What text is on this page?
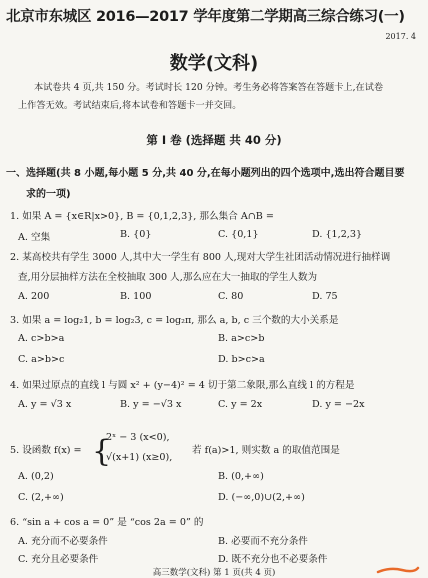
北京市东城区 2016—2017 学年度第二学期高三综合练习(一)
2017. 4
数学(文科)
本试卷共 4 页,共 150 分。考试时长 120 分钟。考生务必将答案答在答题卡上,在试卷
上作答无效。考试结束后,将本试卷和答题卡一并交回。
第 I 卷 (选择题 共 40 分)
一、选择题(共 8 小题,每小题 5 分,共 40 分,在每小题列出的四个选项中,选出符合题目要
求的一项)
1. 如果 A = {x∈R|x>0}, B = {0,1,2,3}, 那么集合 A∩B =
A. 空集	B. {0}	C. {0,1}	D. {1,2,3}
2. 某高校共有学生 3000 人,其中大一学生有 800 人,现对大学生社团活动情况进行抽样调
查,用分层抽样方法在全校抽取 300 人,那么应在大一抽取的学生人数为
A. 200	B. 100	C. 80	D. 75
3. 如果 a = log₂1, b = log₂3, c = log₂π, 那么 a, b, c 三个数的大小关系是
A. c>b>a	B. a>c>b
C. a>b>c	D. b>c>a
4. 如果过原点的直线 l 与圆 x² + (y−4)² = 4 切于第二象限,那么直线 l 的方程是
A. y = √3 x	B. y = −√3 x	C. y = 2x	D. y = −2x
5. 设函数 f(x) = {
2ˣ − 3 (x<0),
√(x+1) (x≥0),
若 f(a)>1, 则实数 a 的取值范围是
A. (0,2)	B. (0,+∞)
C. (2,+∞)	D. (−∞,0)∪(2,+∞)
6. “sin a + cos a = 0” 是 “cos 2a = 0” 的
A. 充分而不必要条件	B. 必要而不充分条件
C. 充分且必要条件	D. 既不充分也不必要条件
高三数学(文科) 第 1 页(共 4 页)
